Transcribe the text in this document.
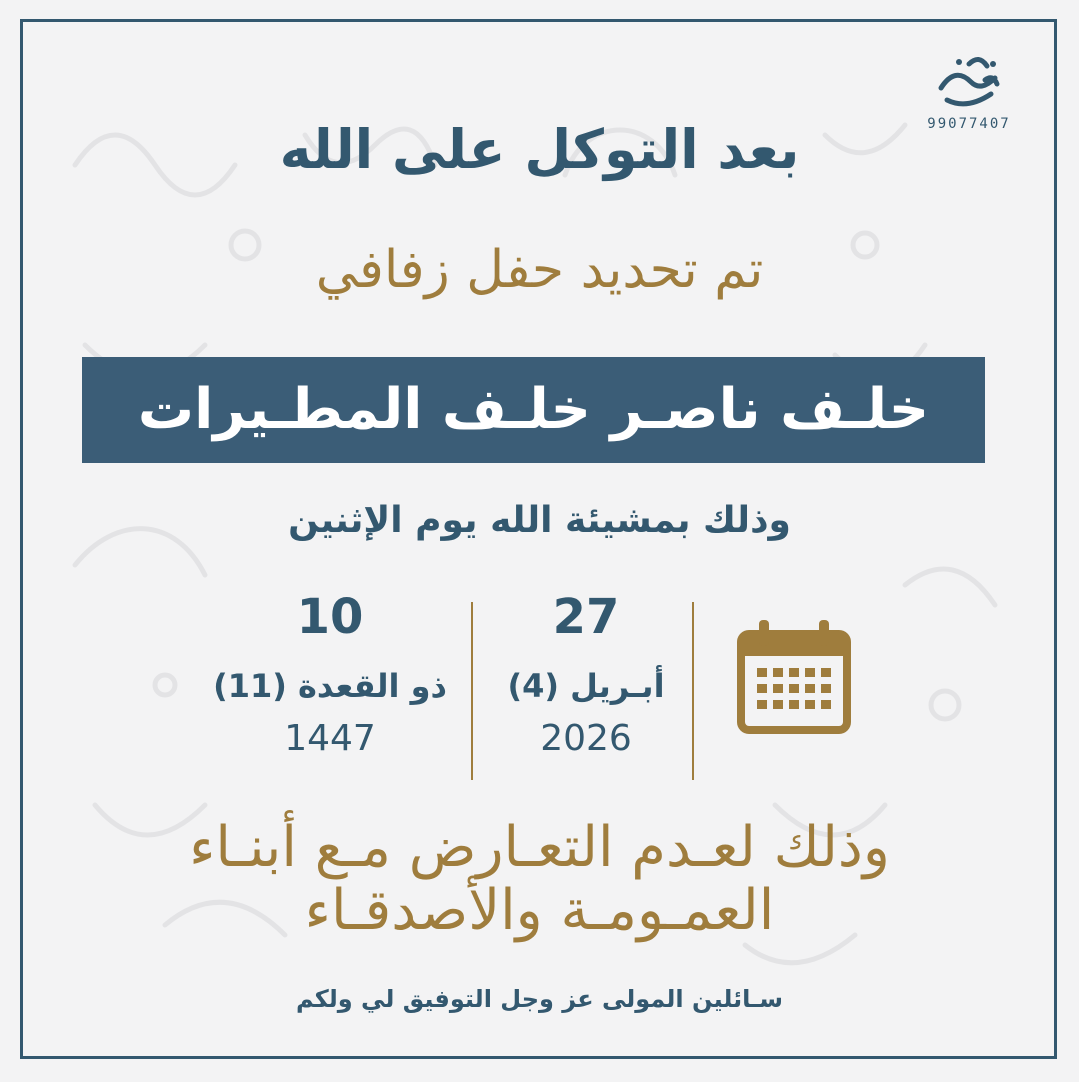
99077407
بعد التوكل على الله
تم تحديد حفل زفافي
خلـف ناصـر خلـف المطـيرات
وذلك بمشيئة الله يوم الإثنين
27
أبـريل (4)
2026
10
ذو القعدة (11)
1447
وذلك لعـدم التعـارض مـع أبنـاء
العمـومـة والأصدقـاء
سـائلين المولى عز وجل التوفيق لي ولكم
